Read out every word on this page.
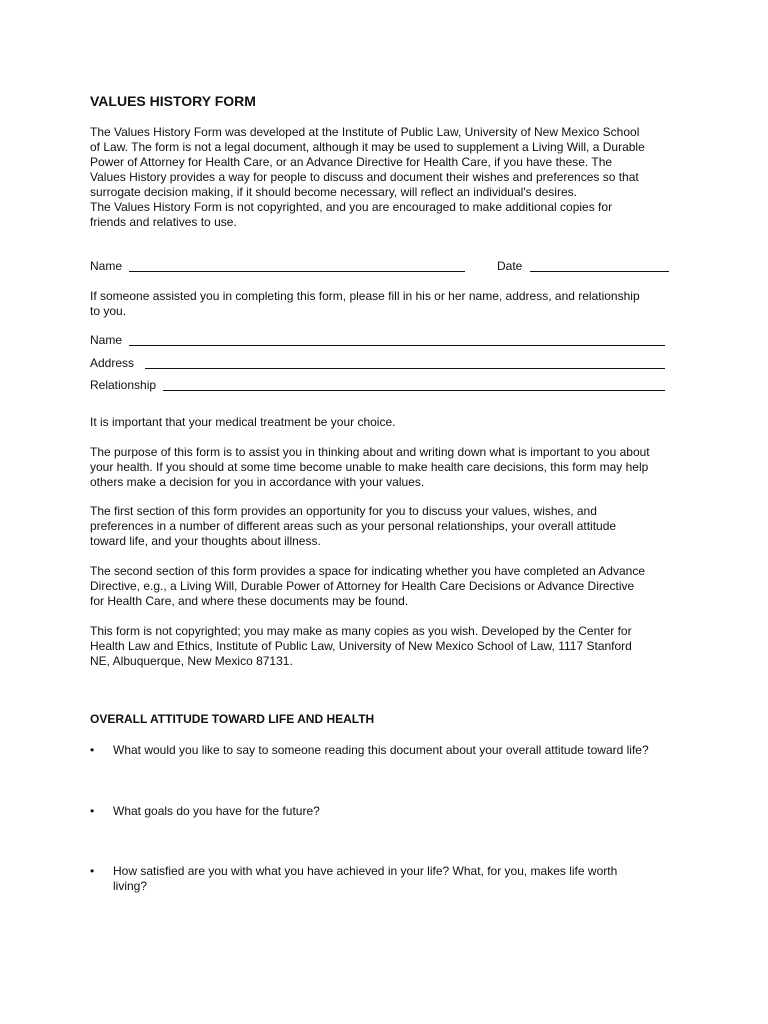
VALUES HISTORY FORM
The Values History Form was developed at the Institute of Public Law, University of New Mexico School
of Law. The form is not a legal document, although it may be used to supplement a Living Will, a Durable
Power of Attorney for Health Care, or an Advance Directive for Health Care, if you have these. The
Values History provides a way for people to discuss and document their wishes and preferences so that
surrogate decision making, if it should become necessary, will reflect an individual's desires.
The Values History Form is not copyrighted, and you are encouraged to make additional copies for
friends and relatives to use.
Name	Date
If someone assisted you in completing this form, please fill in his or her name, address, and relationship
to you.
Name
Address
Relationship
It is important that your medical treatment be your choice.
The purpose of this form is to assist you in thinking about and writing down what is important to you about
your health. If you should at some time become unable to make health care decisions, this form may help
others make a decision for you in accordance with your values.
The first section of this form provides an opportunity for you to discuss your values, wishes, and
preferences in a number of different areas such as your personal relationships, your overall attitude
toward life, and your thoughts about illness.
The second section of this form provides a space for indicating whether you have completed an Advance
Directive, e.g., a Living Will, Durable Power of Attorney for Health Care Decisions or Advance Directive
for Health Care, and where these documents may be found.
This form is not copyrighted; you may make as many copies as you wish. Developed by the Center for
Health Law and Ethics, Institute of Public Law, University of New Mexico School of Law, 1117 Stanford
NE, Albuquerque, New Mexico 87131.
OVERALL ATTITUDE TOWARD LIFE AND HEALTH
• What would you like to say to someone reading this document about your overall attitude toward life?
• What goals do you have for the future?
• How satisfied are you with what you have achieved in your life? What, for you, makes life worth
living?
